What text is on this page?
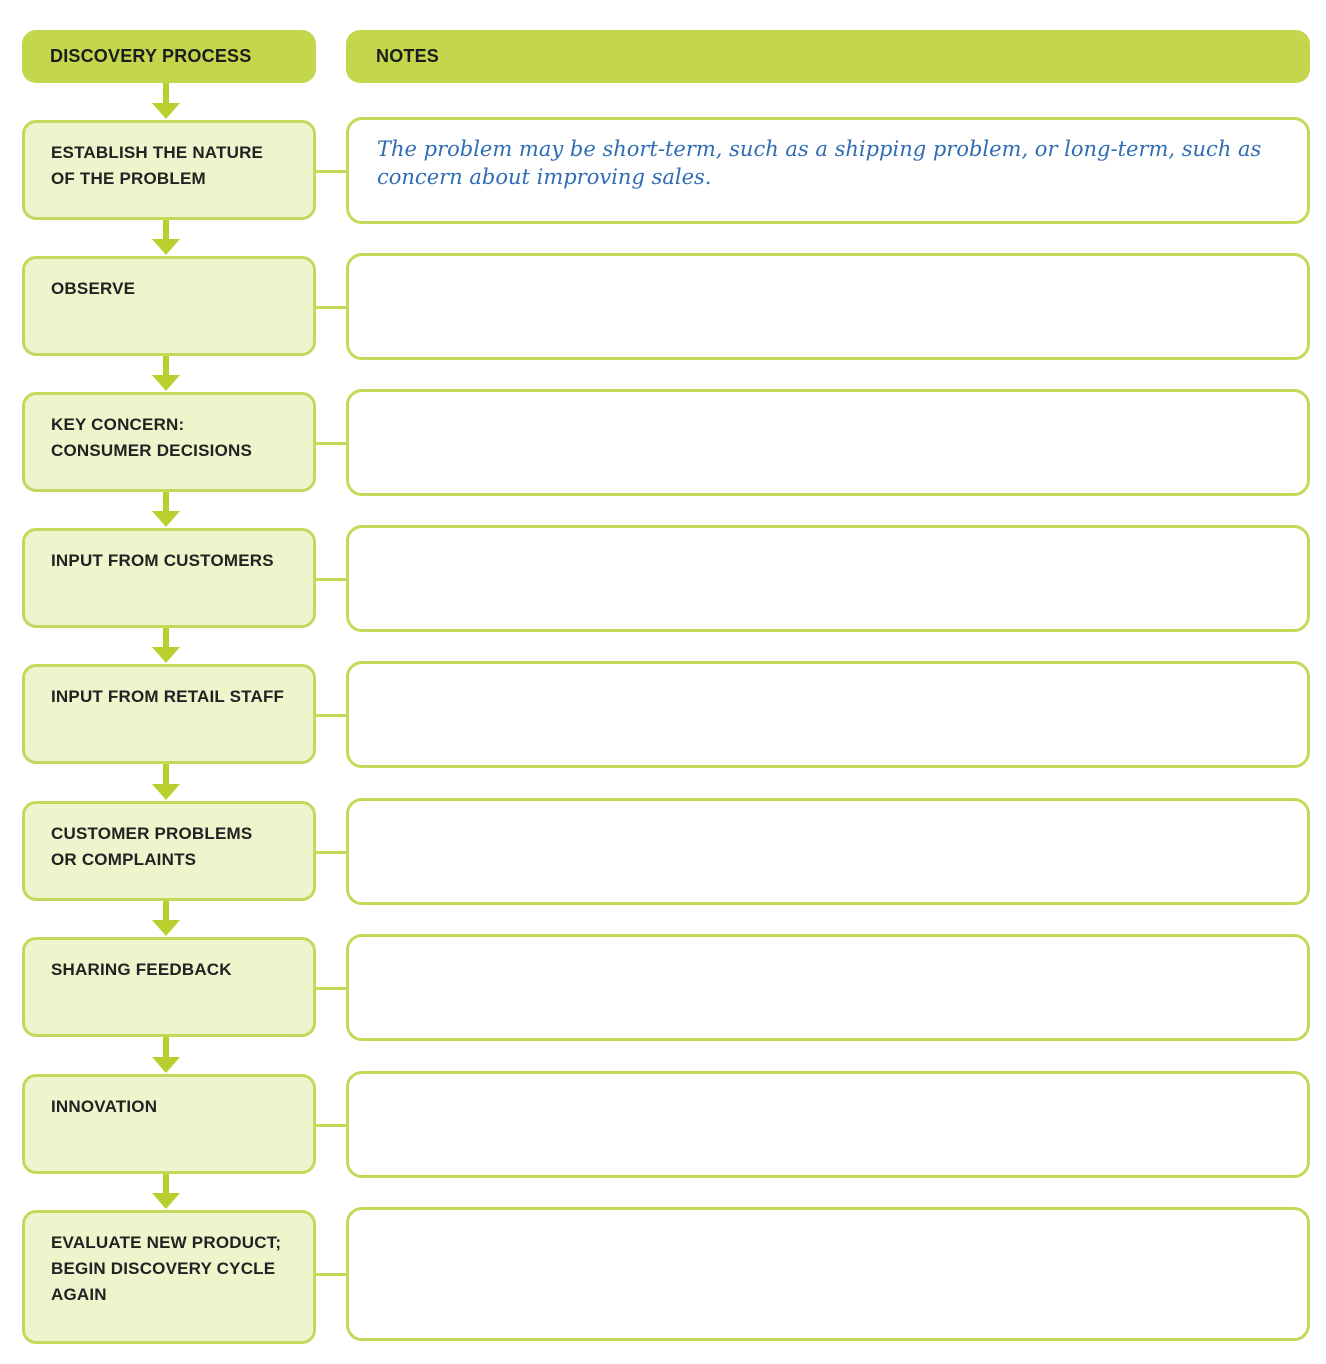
DISCOVERY PROCESS	NOTES
ESTABLISH THE NATURE
OF THE PROBLEM
The problem may be short-term, such as a shipping problem, or long-term, such as concern about improving sales.
OBSERVE
KEY CONCERN:
CONSUMER DECISIONS
INPUT FROM CUSTOMERS
INPUT FROM RETAIL STAFF
CUSTOMER PROBLEMS
OR COMPLAINTS
SHARING FEEDBACK
INNOVATION
EVALUATE NEW PRODUCT;
BEGIN DISCOVERY CYCLE
AGAIN
